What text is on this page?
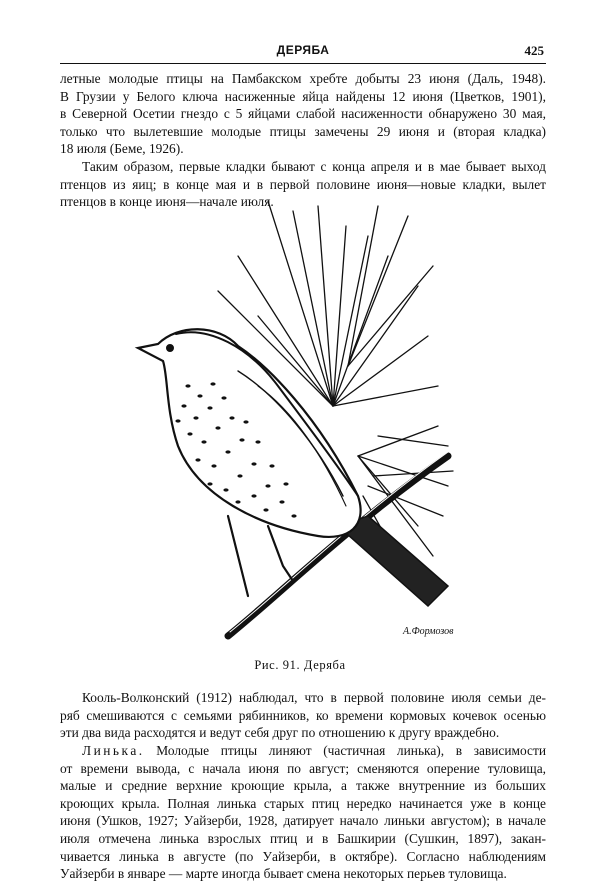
ДЕРЯБА	425
летные молодые птицы на Памбакском хребте добыты 23 июня (Даль, 1948).
В Грузии у Белого ключа насиженные яйца найдены 12 июня (Цветков, 1901),
в Северной Осетии гнездо с 5 яйцами слабой насиженности обнаружено 30 мая,
только что вылетевшие молодые птицы замечены 29 июня и (вторая кладка)
18 июля (Беме, 1926).
Таким образом, первые кладки бывают с конца апреля и в мае бывает выход
птенцов из яиц; в конце мая и в первой половине июня—новые кладки, вылет
птенцов в конце июня—начале июля.
А.Формозов
Рис. 91. Деряба
Кооль-Волконский (1912) наблюдал, что в первой половине июля семьи де-
ряб смешиваются с семьями рябинников, ко времени кормовых кочевок осенью
эти два вида расходятся и ведут себя друг по отношению к другу враждебно.
Линька. Молодые птицы линяют (частичная линька), в зависимости
от времени вывода, с начала июня по август; сменяются оперение туловища,
малые и средние верхние кроющие крыла, а также внутренние из больших
кроющих крыла. Полная линька старых птиц нередко начинается уже в конце
июня (Ушков, 1927; Уайзерби, 1928, датирует начало линьки августом); в начале
июля отмечена линька взрослых птиц и в Башкирии (Сушкин, 1897), закан-
чивается линька в августе (по Уайзерби, в октябре). Согласно наблюдениям
Уайзерби в январе — марте иногда бывает смена некоторых перьев туловища.
